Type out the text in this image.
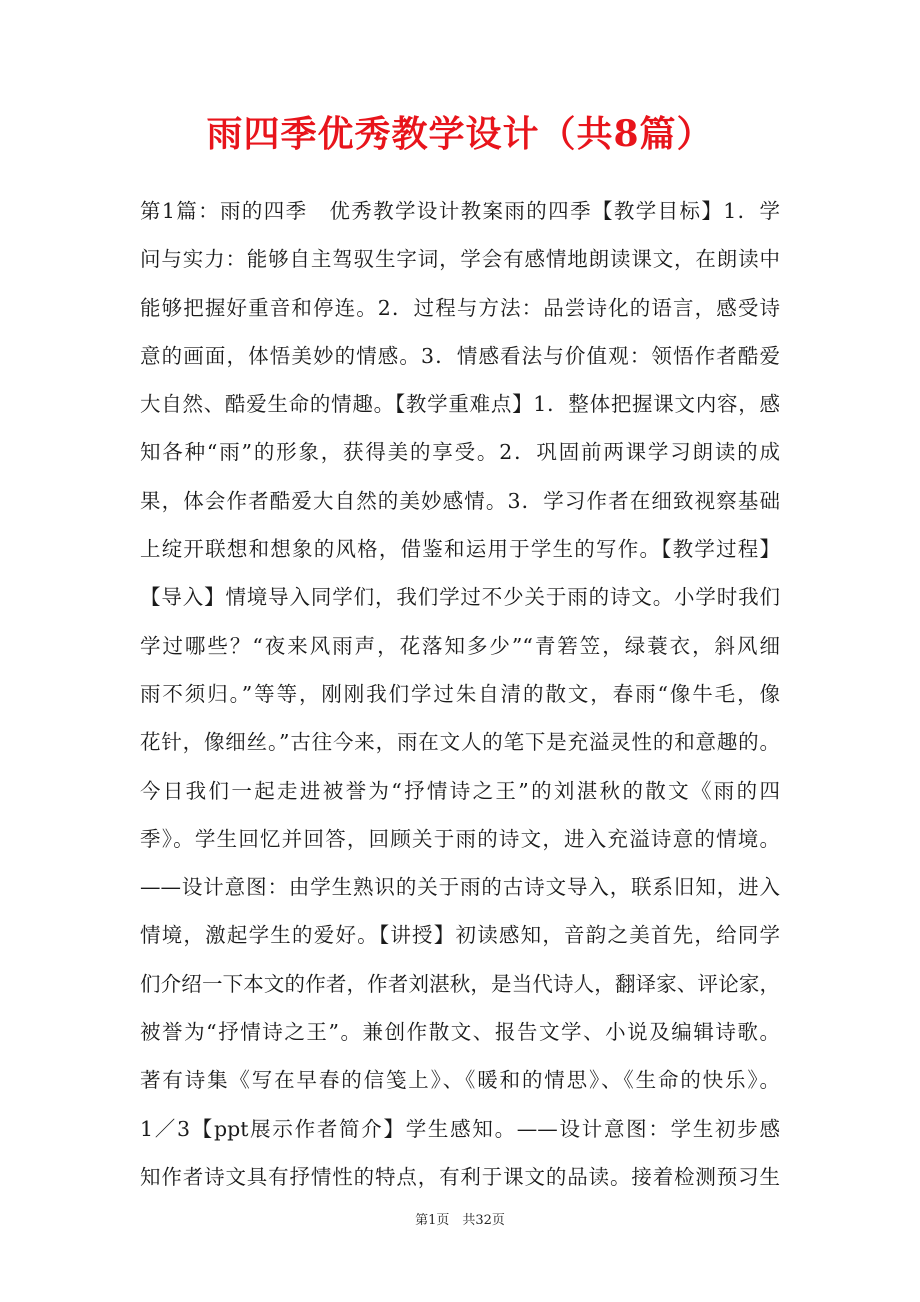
雨四季优秀教学设计（共8篇）
第1篇：雨的四季　优秀教学设计教案雨的四季【教学目标】1．学
问与实力：能够自主驾驭生字词，学会有感情地朗读课文，在朗读中
能够把握好重音和停连。2．过程与方法：品尝诗化的语言，感受诗
意的画面，体悟美妙的情感。3．情感看法与价值观：领悟作者酷爱
大自然、酷爱生命的情趣。【教学重难点】1．整体把握课文内容，感
知各种“雨”的形象，获得美的享受。2．巩固前两课学习朗读的成
果，体会作者酷爱大自然的美妙感情。3．学习作者在细致视察基础
上绽开联想和想象的风格，借鉴和运用于学生的写作。【教学过程】
【导入】情境导入同学们，我们学过不少关于雨的诗文。小学时我们
学过哪些？“夜来风雨声，花落知多少”“青箬笠，绿蓑衣，斜风细
雨不须归。”等等，刚刚我们学过朱自清的散文，春雨“像牛毛，像
花针，像细丝。”古往今来，雨在文人的笔下是充溢灵性的和意趣的。
今日我们一起走进被誉为“抒情诗之王”的刘湛秋的散文《雨的四
季》。学生回忆并回答，回顾关于雨的诗文，进入充溢诗意的情境。
——设计意图：由学生熟识的关于雨的古诗文导入，联系旧知，进入
情境，激起学生的爱好。【讲授】初读感知，音韵之美首先，给同学
们介绍一下本文的作者，作者刘湛秋，是当代诗人，翻译家、评论家，
被誉为“抒情诗之王”。兼创作散文、报告文学、小说及编辑诗歌。
著有诗集《写在早春的信笺上》、《暖和的情思》、《生命的快乐》。
1／3【ppt展示作者简介】学生感知。——设计意图：学生初步感
知作者诗文具有抒情性的特点，有利于课文的品读。接着检测预习生
第1页　共32页
